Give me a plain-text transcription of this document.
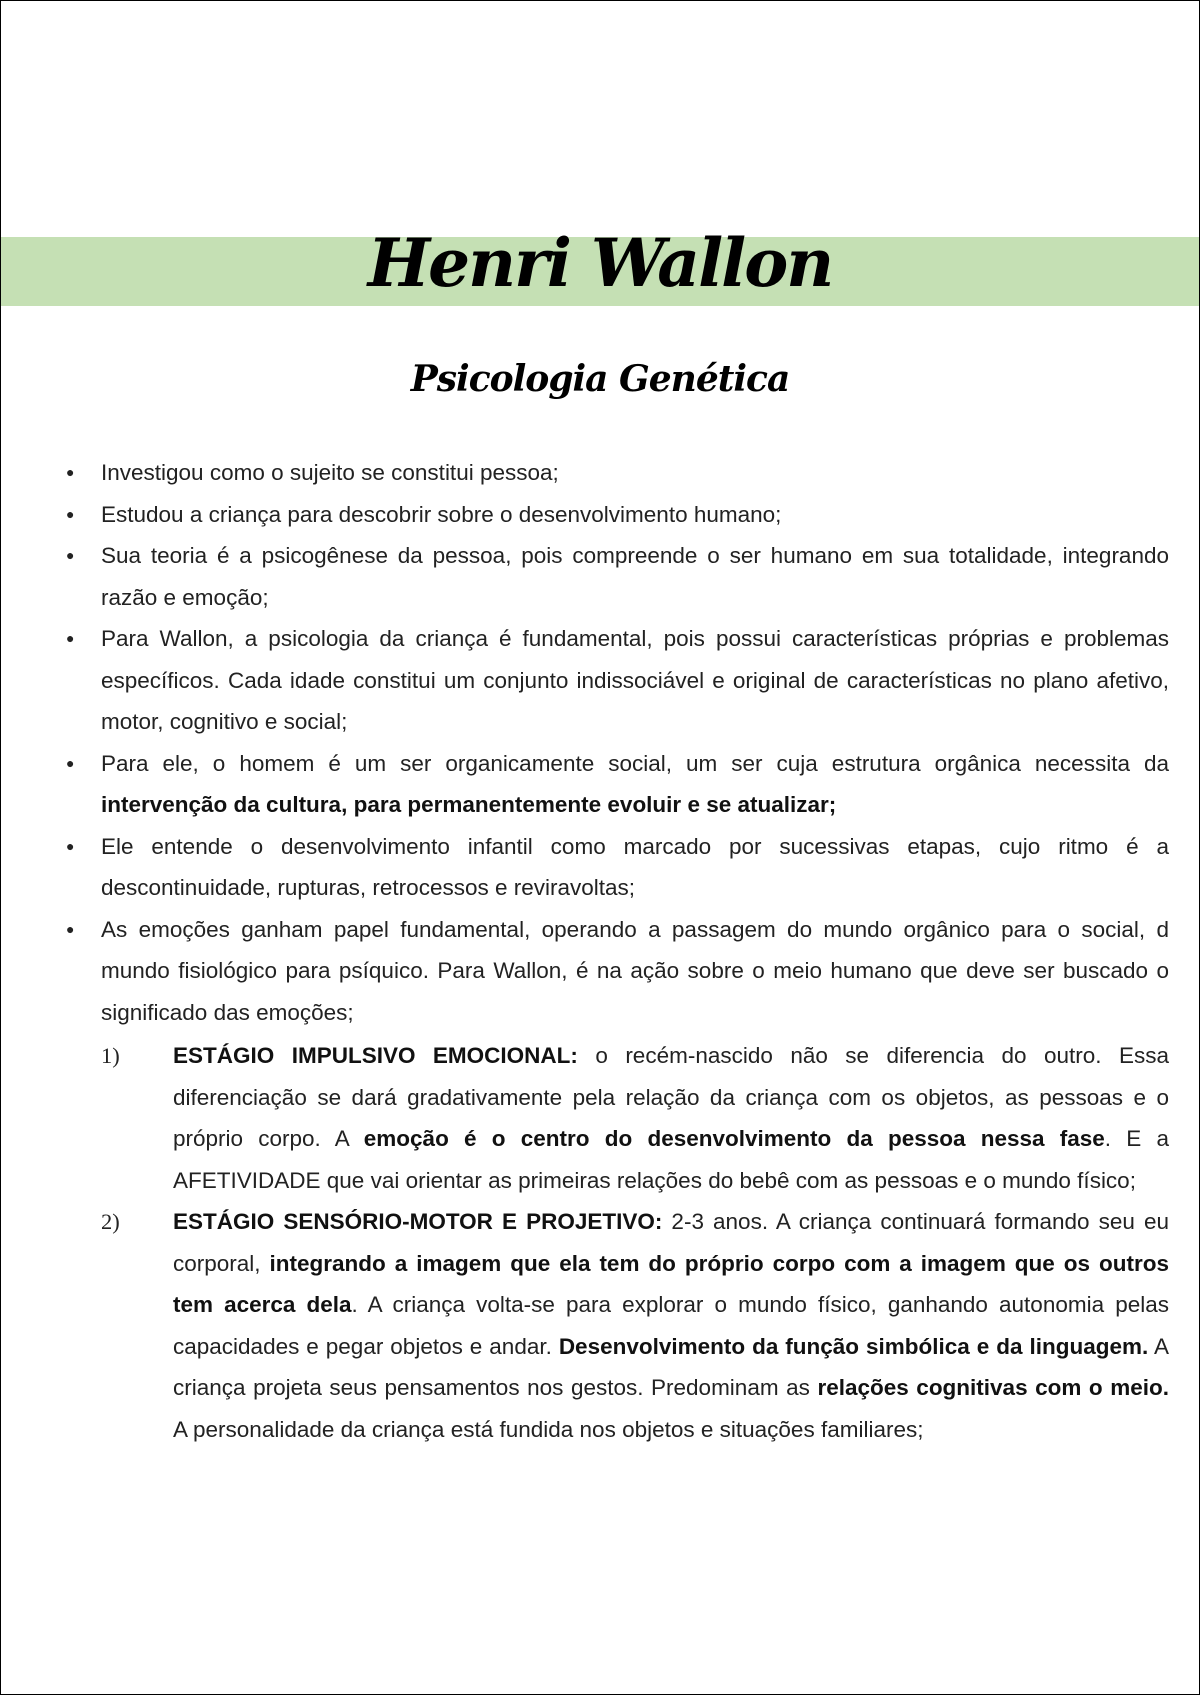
Henri Wallon
Psicologia Genética
● Investigou como o sujeito se constitui pessoa;
● Estudou a criança para descobrir sobre o desenvolvimento humano;
● Sua teoria é a psicogênese da pessoa, pois compreende o ser humano em sua totalidade, integrando razão e emoção;
● Para Wallon, a psicologia da criança é fundamental, pois possui características próprias e problemas específicos. Cada idade constitui um conjunto indissociável e original de características no plano afetivo, motor, cognitivo e social;
● Para ele, o homem é um ser organicamente social, um ser cuja estrutura orgânica necessita da intervenção da cultura, para permanentemente evoluir e se atualizar;
● Ele entende o desenvolvimento infantil como marcado por sucessivas etapas, cujo ritmo é a descontinuidade, rupturas, retrocessos e reviravoltas;
● As emoções ganham papel fundamental, operando a passagem do mundo orgânico para o social, d mundo fisiológico para psíquico. Para Wallon, é na ação sobre o meio humano que deve ser buscado o significado das emoções;
1) ESTÁGIO IMPULSIVO EMOCIONAL: o recém-nascido não se diferencia do outro. Essa diferenciação se dará gradativamente pela relação da criança com os objetos, as pessoas e o próprio corpo. A emoção é o centro do desenvolvimento da pessoa nessa fase. E a AFETIVIDADE que vai orientar as primeiras relações do bebê com as pessoas e o mundo físico;
2) ESTÁGIO SENSÓRIO-MOTOR E PROJETIVO: 2-3 anos. A criança continuará formando seu eu corporal, integrando a imagem que ela tem do próprio corpo com a imagem que os outros tem acerca dela. A criança volta-se para explorar o mundo físico, ganhando autonomia pelas capacidades e pegar objetos e andar. Desenvolvimento da função simbólica e da linguagem. A criança projeta seus pensamentos nos gestos. Predominam as relações cognitivas com o meio. A personalidade da criança está fundida nos objetos e situações familiares;
